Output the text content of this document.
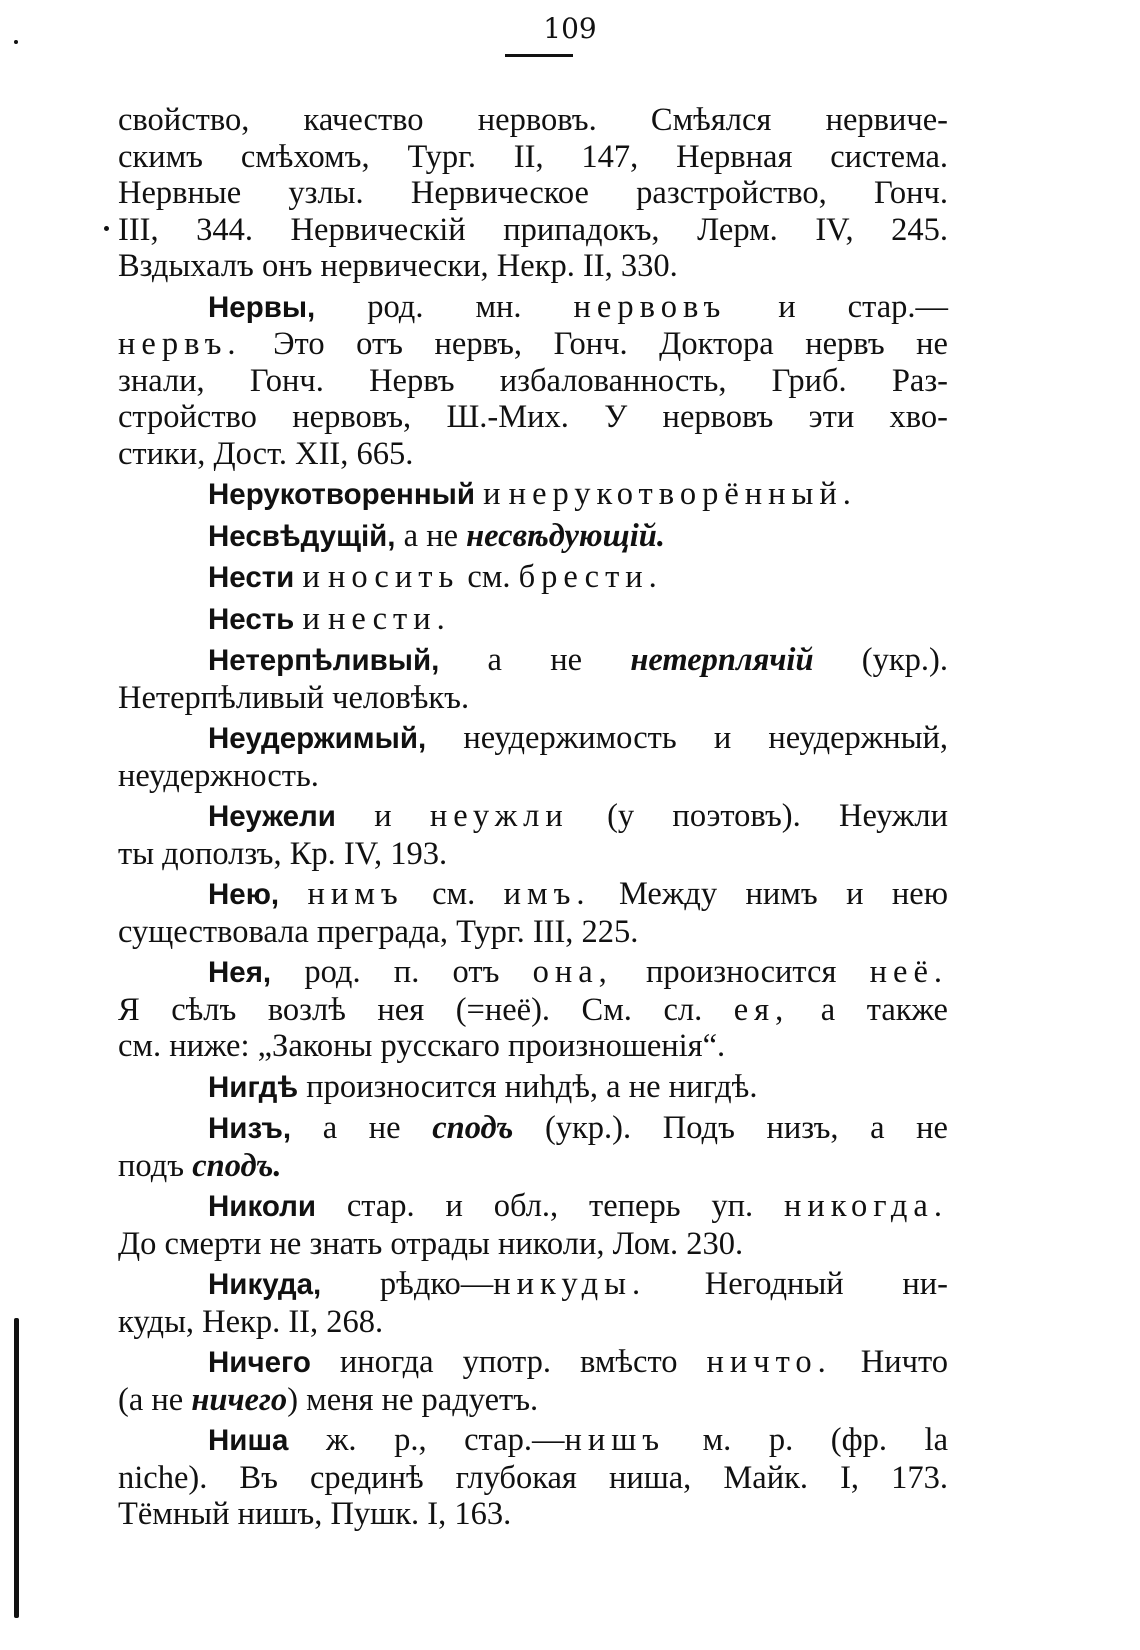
109
свойство, качество нервовъ. Смѣялся нервиче-
скимъ смѣхомъ, Тург. II, 147, Нервная система.
Нервные узлы. Нервическое разстройство, Гонч.
III, 344. Нервическій припадокъ, Лерм. IV, 245.
Вздыхалъ онъ нервически, Некр. II, 330.
Нервы, род. мн. нервовъ и стар.—
нервъ. Это отъ нервъ, Гонч. Доктора нервъ не
знали, Гонч. Нервъ избалованность, Гриб. Раз-
стройство нервовъ, Ш.-Мих. У нервовъ эти хво-
стики, Дост. XII, 665.
Нерукотворенный и нерукотворённый.
Несвѣдущій, а не несвѣдующій.
Нести и носить см. брести.
Несть и нести.
Нетерпѣливый, а не нетерплячій (укр.).
Нетерпѣливый человѣкъ.
Неудержимый, неудержимость и неудержный,
неудержность.
Неужели и неужли (у поэтовъ). Неужли
ты доползъ, Кр. IV, 193.
Нею, нимъ см. имъ. Между нимъ и нею
существовала преграда, Тург. III, 225.
Нея, род. п. отъ она, произносится неё.
Я сѣлъ возлѣ нея (=неё). См. сл. ея, а также
см. ниже: „Законы русскаго произношенія“.
Нигдѣ произносится ниһдѣ, а не нигдѣ.
Низъ, а не сподъ (укр.). Подъ низъ, а не
подъ сподъ.
Николи стар. и обл., теперь уп. никогда.
До смерти не знать отрады николи, Лом. 230.
Никуда, рѣдко—никуды. Негодный ни-
куды, Некр. II, 268.
Ничего иногда употр. вмѣсто ничто. Ничто
(а не ничего) меня не радуетъ.
Ниша ж. р., стар.—нишъ м. р. (фр. la
niche). Въ срединѣ глубокая ниша, Майк. I, 173.
Тёмный нишъ, Пушк. I, 163.
